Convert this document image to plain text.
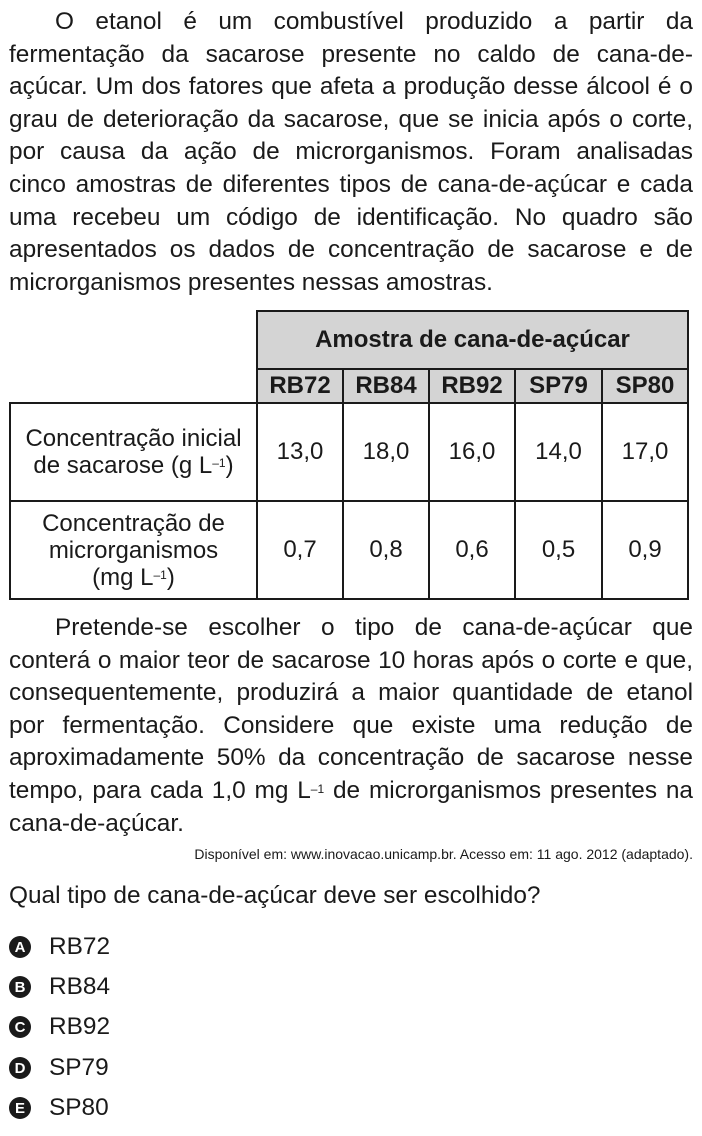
O etanol é um combustível produzido a partir da fermentação da sacarose presente no caldo de cana-de-açúcar. Um dos fatores que afeta a produção desse álcool é o grau de deterioração da sacarose, que se inicia após o corte, por causa da ação de microrganismos. Foram analisadas cinco amostras de diferentes tipos de cana-de-açúcar e cada uma recebeu um código de identificação. No quadro são apresentados os dados de concentração de sacarose e de microrganismos presentes nessas amostras.

	Amostra de cana-de-açúcar				
	RB72	RB84	RB92	SP79	SP80
Concentração inicial
de sacarose (g $L^{-1}$)	13,0	18,0	16,0	14,0	17,0
Concentração de
microrganismos
(mg $L^{-1}$)	0,7	0,8	0,6	0,5	0,9

Pretende-se escolher o tipo de cana-de-açúcar que conterá o maior teor de sacarose 10 horas após o corte e que, consequentemente, produzirá a maior quantidade de etanol por fermentação. Considere que existe uma redução de aproximadamente 50% da concentração de sacarose nesse tempo, para cada 1,0 mg $L^{-1}$ de microrganismos presentes na cana-de-açúcar.

Disponível em: www.inovacao.unicamp.br. Acesso em: 11 ago. 2012 (adaptado).

Qual tipo de cana-de-açúcar deve ser escolhido?

A RB72
B RB84
C RB92
D SP79
E SP80
